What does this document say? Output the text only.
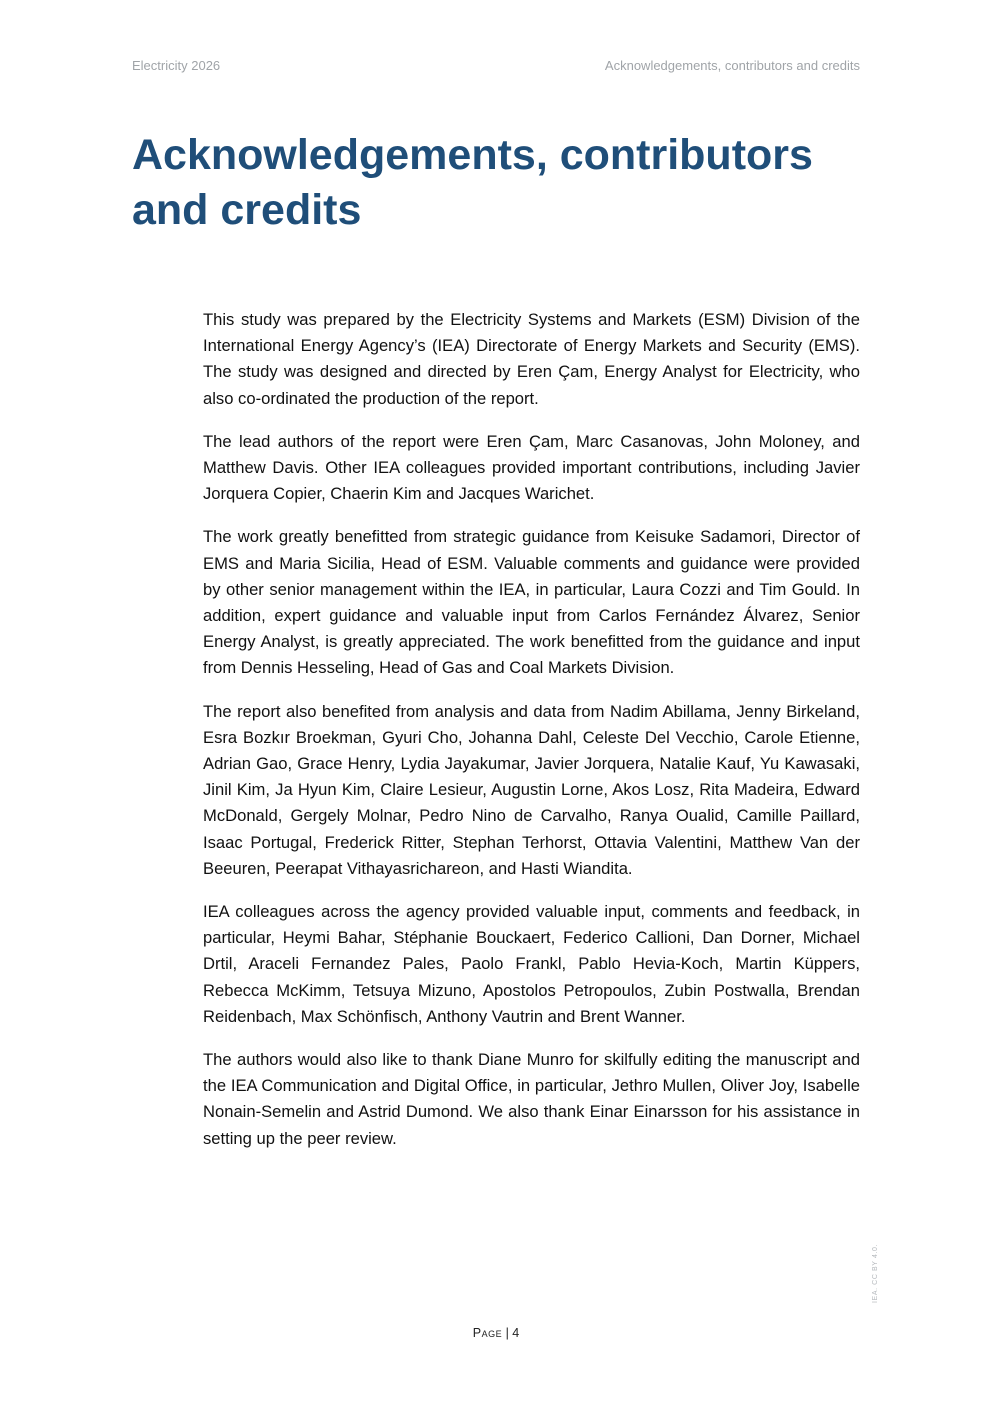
Electricity 2026	Acknowledgements, contributors and credits
Acknowledgements, contributors and credits

This study was prepared by the Electricity Systems and Markets (ESM) Division of the International Energy Agency’s (IEA) Directorate of Energy Markets and Security (EMS). The study was designed and directed by Eren Çam, Energy Analyst for Electricity, who also co-ordinated the production of the report.

The lead authors of the report were Eren Çam, Marc Casanovas, John Moloney, and Matthew Davis. Other IEA colleagues provided important contributions, including Javier Jorquera Copier, Chaerin Kim and Jacques Warichet.

The work greatly benefitted from strategic guidance from Keisuke Sadamori, Director of EMS and Maria Sicilia, Head of ESM. Valuable comments and guidance were provided by other senior management within the IEA, in particular, Laura Cozzi and Tim Gould. In addition, expert guidance and valuable input from Carlos Fernández Álvarez, Senior Energy Analyst, is greatly appreciated. The work benefitted from the guidance and input from Dennis Hesseling, Head of Gas and Coal Markets Division.

The report also benefited from analysis and data from Nadim Abillama, Jenny Birkeland, Esra Bozkır Broekman, Gyuri Cho, Johanna Dahl, Celeste Del Vecchio, Carole Etienne, Adrian Gao, Grace Henry, Lydia Jayakumar, Javier Jorquera, Natalie Kauf, Yu Kawasaki, Jinil Kim, Ja Hyun Kim, Claire Lesieur, Augustin Lorne, Akos Losz, Rita Madeira, Edward McDonald, Gergely Molnar, Pedro Nino de Carvalho, Ranya Oualid, Camille Paillard, Isaac Portugal, Frederick Ritter, Stephan Terhorst, Ottavia Valentini, Matthew Van der Beeuren, Peerapat Vithayasrichareon, and Hasti Wiandita.

IEA colleagues across the agency provided valuable input, comments and feedback, in particular, Heymi Bahar, Stéphanie Bouckaert, Federico Callioni, Dan Dorner, Michael Drtil, Araceli Fernandez Pales, Paolo Frankl, Pablo Hevia-Koch, Martin Küppers, Rebecca McKimm, Tetsuya Mizuno, Apostolos Petropoulos, Zubin Postwalla, Brendan Reidenbach, Max Schönfisch, Anthony Vautrin and Brent Wanner.

The authors would also like to thank Diane Munro for skilfully editing the manuscript and the IEA Communication and Digital Office, in particular, Jethro Mullen, Oliver Joy, Isabelle Nonain-Semelin and Astrid Dumond. We also thank Einar Einarsson for his assistance in setting up the peer review.

Page | 4
IEA. CC BY 4.0.
